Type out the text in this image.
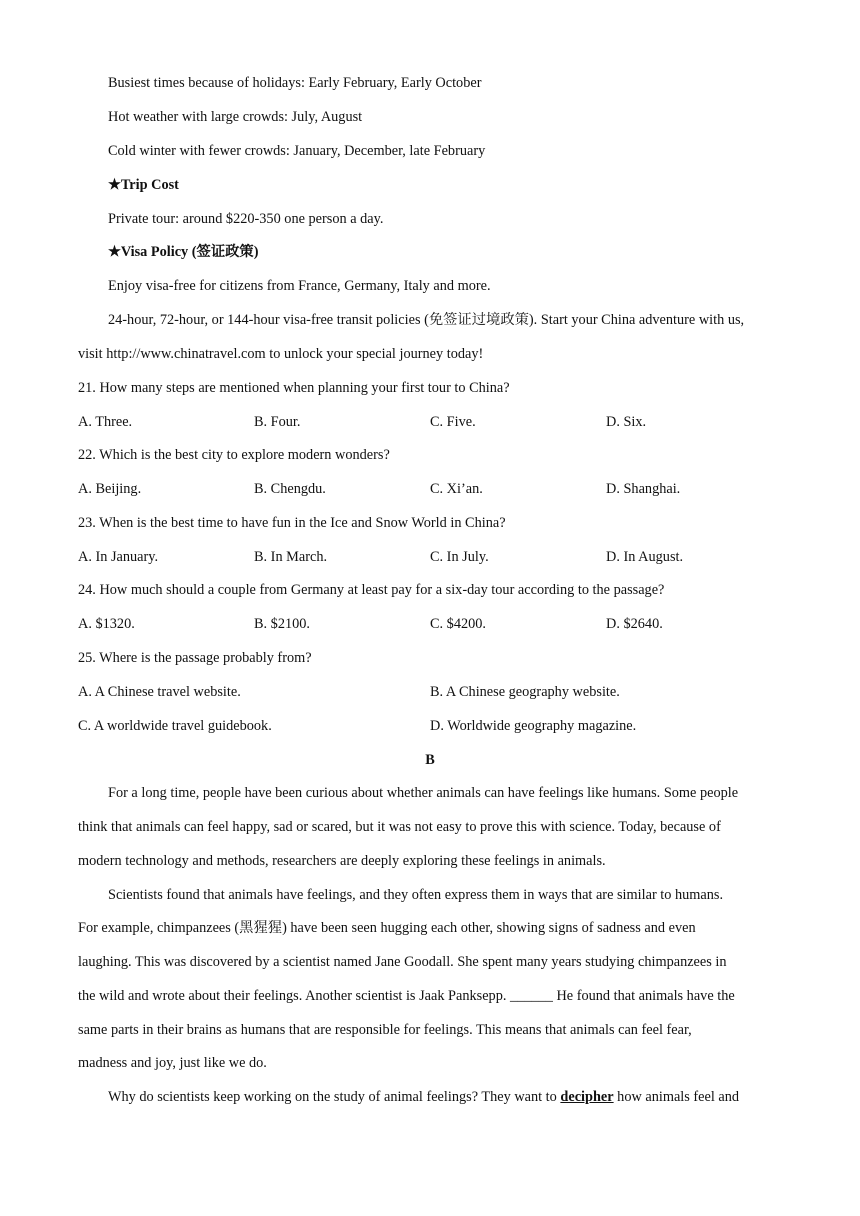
Busiest times because of holidays: Early February, Early October
Hot weather with large crowds: July, August
Cold winter with fewer crowds: January, December, late February
★Trip Cost
Private tour: around $220-350 one person a day.
★Visa Policy (签证政策)
Enjoy visa-free for citizens from France, Germany, Italy and more.
24-hour, 72-hour, or 144-hour visa-free transit policies (免签证过境政策). Start your China adventure with us,
visit http://www.chinatravel.com to unlock your special journey today!
21. How many steps are mentioned when planning your first tour to China?
A. Three.	B. Four.	C. Five.	D. Six.
22. Which is the best city to explore modern wonders?
A. Beijing.	B. Chengdu.	C. Xi’an.	D. Shanghai.
23. When is the best time to have fun in the Ice and Snow World in China?
A. In January.	B. In March.	C. In July.	D. In August.
24. How much should a couple from Germany at least pay for a six-day tour according to the passage?
A. $1320.	B. $2100.	C. $4200.	D. $2640.
25. Where is the passage probably from?
A. A Chinese travel website.	B. A Chinese geography website.
C. A worldwide travel guidebook.	D. Worldwide geography magazine.
B
For a long time, people have been curious about whether animals can have feelings like humans. Some people
think that animals can feel happy, sad or scared, but it was not easy to prove this with science. Today, because of
modern technology and methods, researchers are deeply exploring these feelings in animals.
Scientists found that animals have feelings, and they often express them in ways that are similar to humans.
For example, chimpanzees (黑猩猩) have been seen hugging each other, showing signs of sadness and even
laughing. This was discovered by a scientist named Jane Goodall. She spent many years studying chimpanzees in
the wild and wrote about their feelings. Another scientist is Jaak Panksepp. ______ He found that animals have the
same parts in their brains as humans that are responsible for feelings. This means that animals can feel fear,
madness and joy, just like we do.
Why do scientists keep working on the study of animal feelings? They want to decipher how animals feel and
